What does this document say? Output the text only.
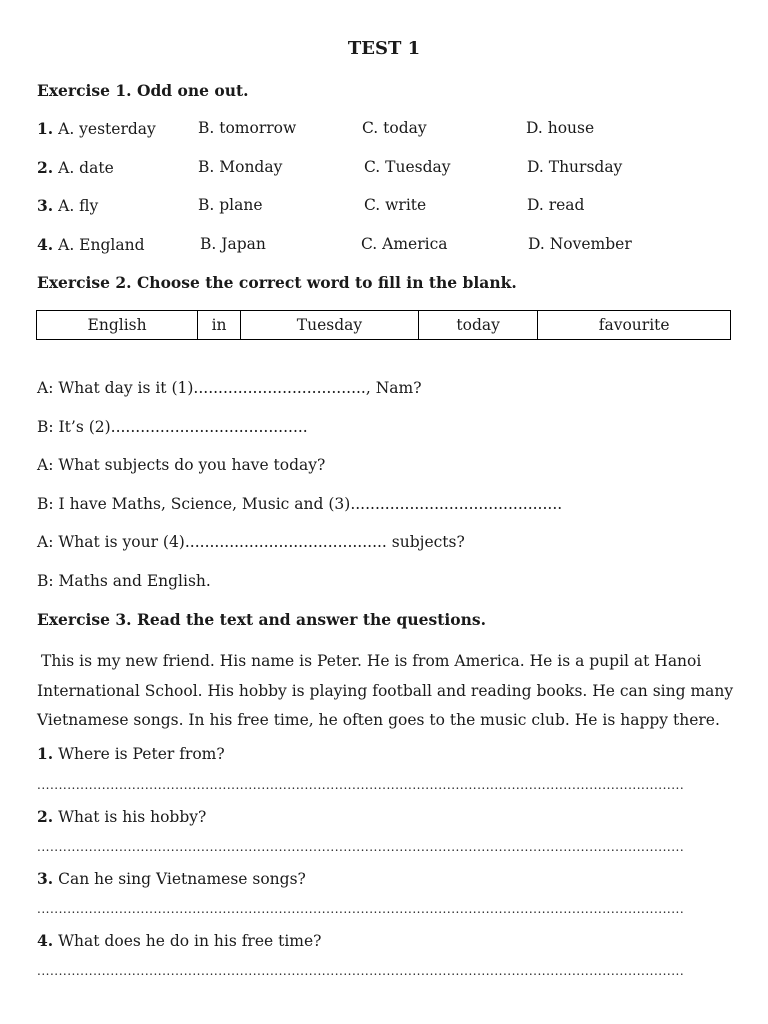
TEST 1
Exercise 1. Odd one out.
1. A. yesterday	B. tomorrow	C. today	D. house
2. A. date	B. Monday	C. Tuesday	D. Thursday
3. A. fly	B. plane	C. write	D. read
4. A. England	B. Japan	C. America	D. November
Exercise 2. Choose the correct word to fill in the blank.
English	in	Tuesday	today	favourite
A: What day is it (1)..................................., Nam?
B: It’s (2)........................................
A: What subjects do you have today?
B: I have Maths, Science, Music and (3)...........................................
A: What is your (4)......................................... subjects?
B: Maths and English.
Exercise 3. Read the text and answer the questions.
This is my new friend. His name is Peter. He is from America. He is a pupil at Hanoi International School. His hobby is playing football and reading books. He can sing many Vietnamese songs. In his free time, he often goes to the music club. He is happy there.
1. Where is Peter from?
......................................................................................................................................................
2. What is his hobby?
......................................................................................................................................................
3. Can he sing Vietnamese songs?
......................................................................................................................................................
4. What does he do in his free time?
......................................................................................................................................................
